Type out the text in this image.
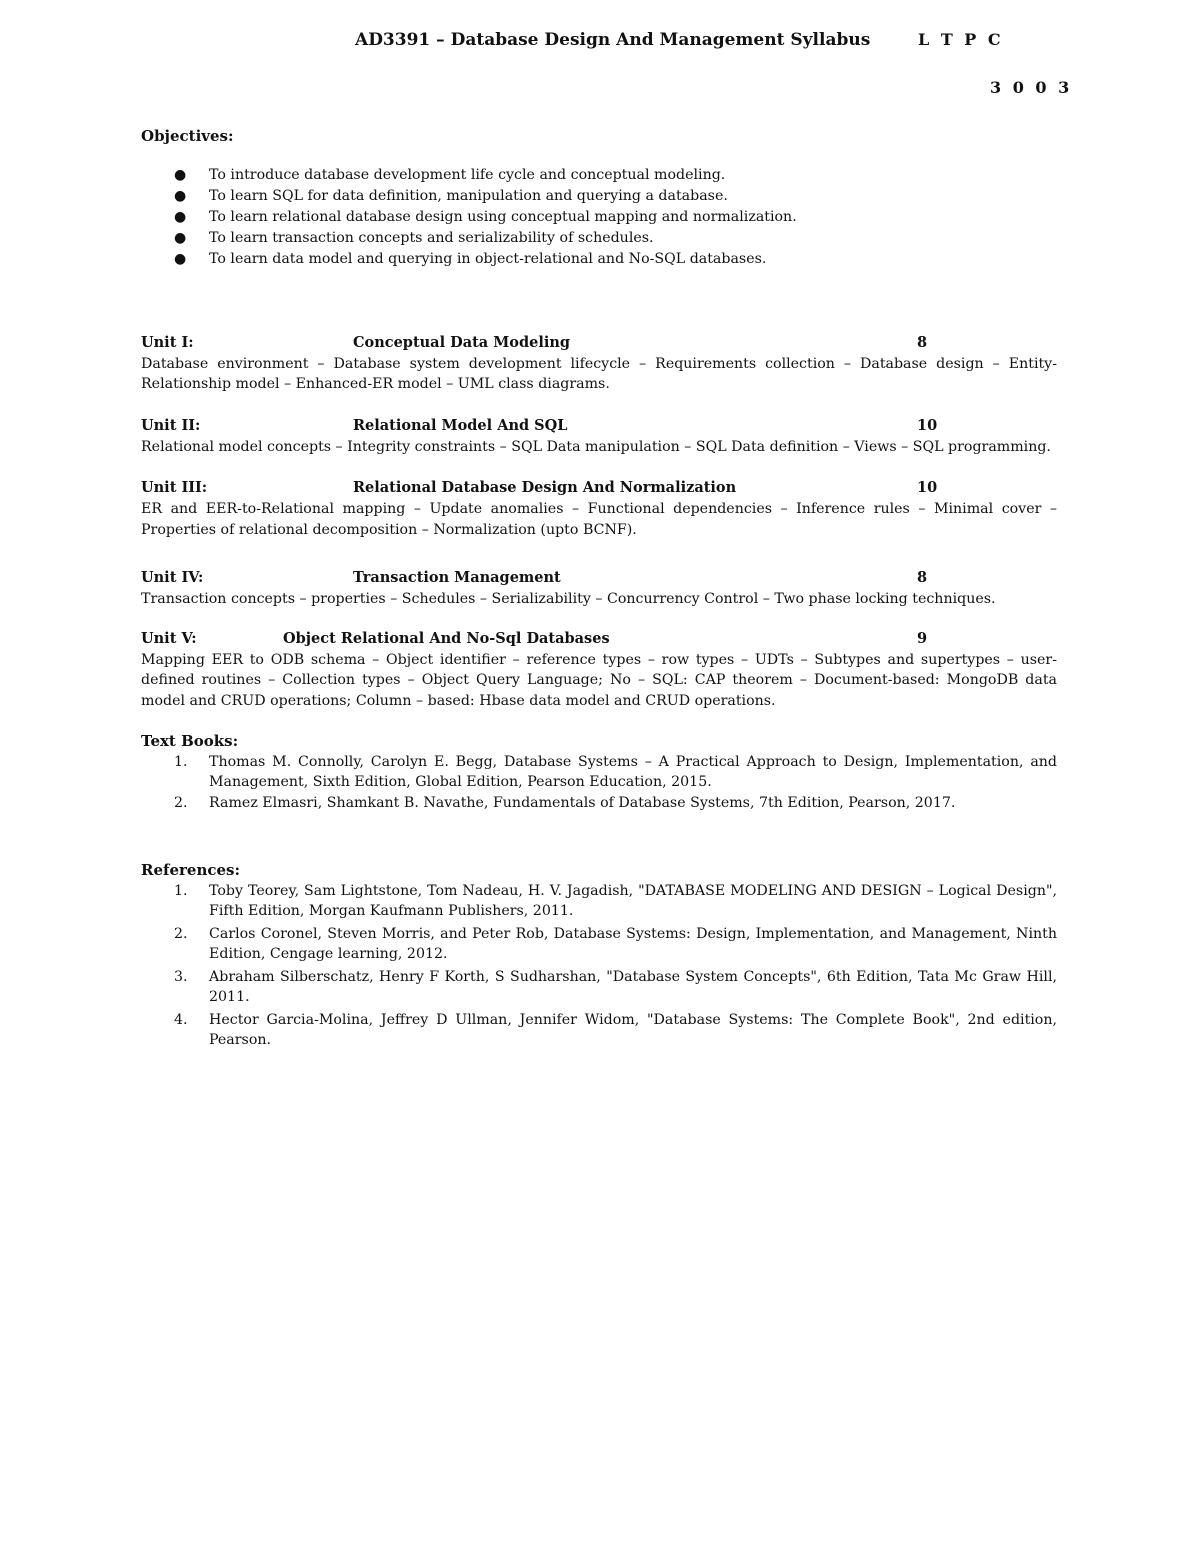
AD3391 – Database Design And Management Syllabus	L T P C
3 0 0 3

Objectives:

● To introduce database development life cycle and conceptual modeling.
● To learn SQL for data definition, manipulation and querying a database.
● To learn relational database design using conceptual mapping and normalization.
● To learn transaction concepts and serializability of schedules.
● To learn data model and querying in object-relational and No-SQL databases.
Unit I:	Conceptual Data Modeling	8
Database environment – Database system development lifecycle – Requirements collection – Database design – Entity-Relationship model – Enhanced-ER model – UML class diagrams.
Unit II:	Relational Model And SQL	10
Relational model concepts – Integrity constraints – SQL Data manipulation – SQL Data definition – Views – SQL programming.
Unit III:	Relational Database Design And Normalization	10
ER and EER-to-Relational mapping – Update anomalies – Functional dependencies – Inference rules – Minimal cover – Properties of relational decomposition – Normalization (upto BCNF).
Unit IV:	Transaction Management	8
Transaction concepts – properties – Schedules – Serializability – Concurrency Control – Two phase locking techniques.
Unit V:	Object Relational And No-Sql Databases	9
Mapping EER to ODB schema – Object identifier – reference types – row types – UDTs – Subtypes and supertypes – user-defined routines – Collection types – Object Query Language; No – SQL: CAP theorem – Document-based: MongoDB data model and CRUD operations; Column – based: Hbase data model and CRUD operations.

Text Books:

1. Thomas M. Connolly, Carolyn E. Begg, Database Systems – A Practical Approach to Design, Implementation, and Management, Sixth Edition, Global Edition, Pearson Education, 2015.
2. Ramez Elmasri, Shamkant B. Navathe, Fundamentals of Database Systems, 7th Edition, Pearson, 2017.

References:

1. Toby Teorey, Sam Lightstone, Tom Nadeau, H. V. Jagadish, "DATABASE MODELING AND DESIGN – Logical Design", Fifth Edition, Morgan Kaufmann Publishers, 2011.
2. Carlos Coronel, Steven Morris, and Peter Rob, Database Systems: Design, Implementation, and Management, Ninth Edition, Cengage learning, 2012.
3. Abraham Silberschatz, Henry F Korth, S Sudharshan, "Database System Concepts", 6th Edition, Tata Mc Graw Hill, 2011.
4. Hector Garcia-Molina, Jeffrey D Ullman, Jennifer Widom, "Database Systems: The Complete Book", 2nd edition, Pearson.
